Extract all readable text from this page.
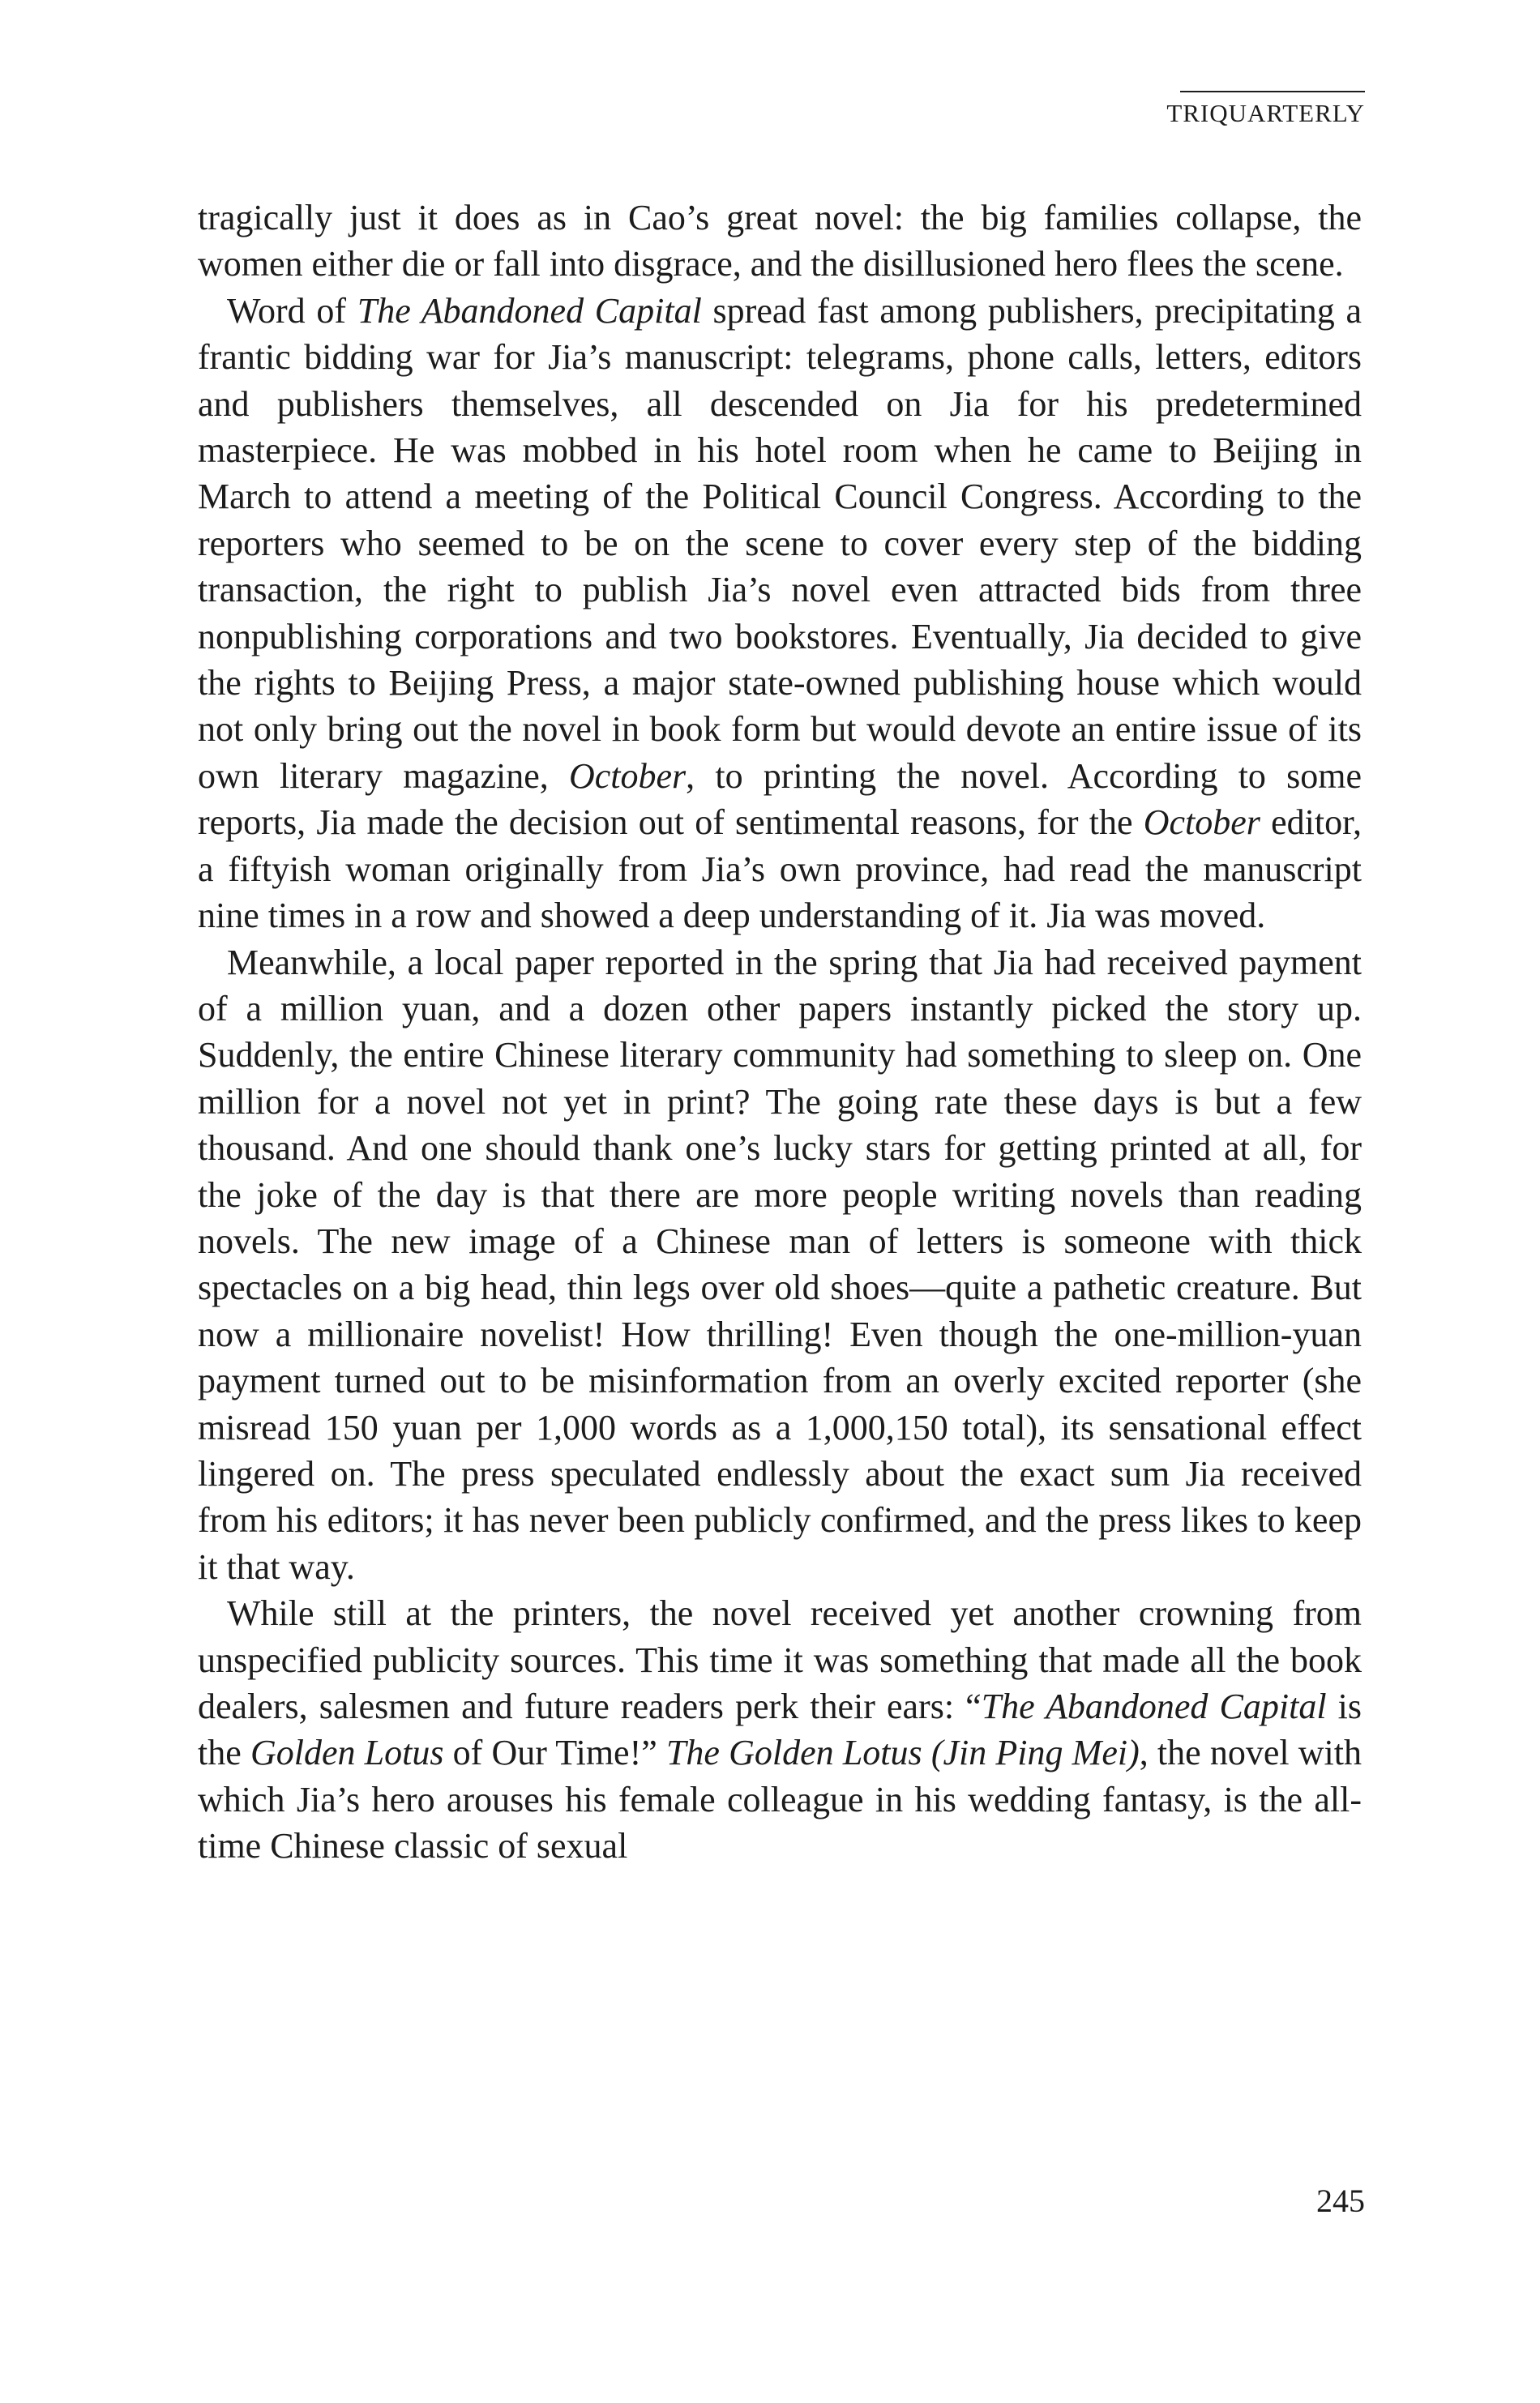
TRIQUARTERLY

tragically just it does as in Cao’s great novel: the big families collapse, the women either die or fall into disgrace, and the disillusioned hero flees the scene.

Word of The Abandoned Capital spread fast among publishers, precipitating a frantic bidding war for Jia’s manuscript: telegrams, phone calls, letters, editors and publishers themselves, all descended on Jia for his predetermined masterpiece. He was mobbed in his hotel room when he came to Beijing in March to attend a meeting of the Political Council Congress. According to the reporters who seemed to be on the scene to cover every step of the bidding transaction, the right to publish Jia’s novel even attracted bids from three nonpublishing corporations and two bookstores. Eventually, Jia decided to give the rights to Beijing Press, a major state-owned publishing house which would not only bring out the novel in book form but would devote an entire issue of its own literary magazine, October, to printing the novel. According to some reports, Jia made the decision out of sentimental reasons, for the October editor, a fiftyish woman originally from Jia’s own province, had read the manuscript nine times in a row and showed a deep understanding of it. Jia was moved.

Meanwhile, a local paper reported in the spring that Jia had received payment of a million yuan, and a dozen other papers instantly picked the story up. Suddenly, the entire Chinese literary community had something to sleep on. One million for a novel not yet in print? The going rate these days is but a few thousand. And one should thank one’s lucky stars for getting printed at all, for the joke of the day is that there are more people writing novels than reading novels. The new image of a Chinese man of letters is someone with thick spectacles on a big head, thin legs over old shoes—quite a pathetic creature. But now a millionaire novelist! How thrilling! Even though the one-million-yuan payment turned out to be misinformation from an overly excited reporter (she misread 150 yuan per 1,000 words as a 1,000,150 total), its sensational effect lingered on. The press speculated endlessly about the exact sum Jia received from his editors; it has never been publicly confirmed, and the press likes to keep it that way.

While still at the printers, the novel received yet another crowning from unspecified publicity sources. This time it was something that made all the book dealers, salesmen and future readers perk their ears: “The Abandoned Capital is the Golden Lotus of Our Time!” The Golden Lotus (Jin Ping Mei), the novel with which Jia’s hero arouses his female colleague in his wedding fantasy, is the all-time Chinese classic of sexual

245
